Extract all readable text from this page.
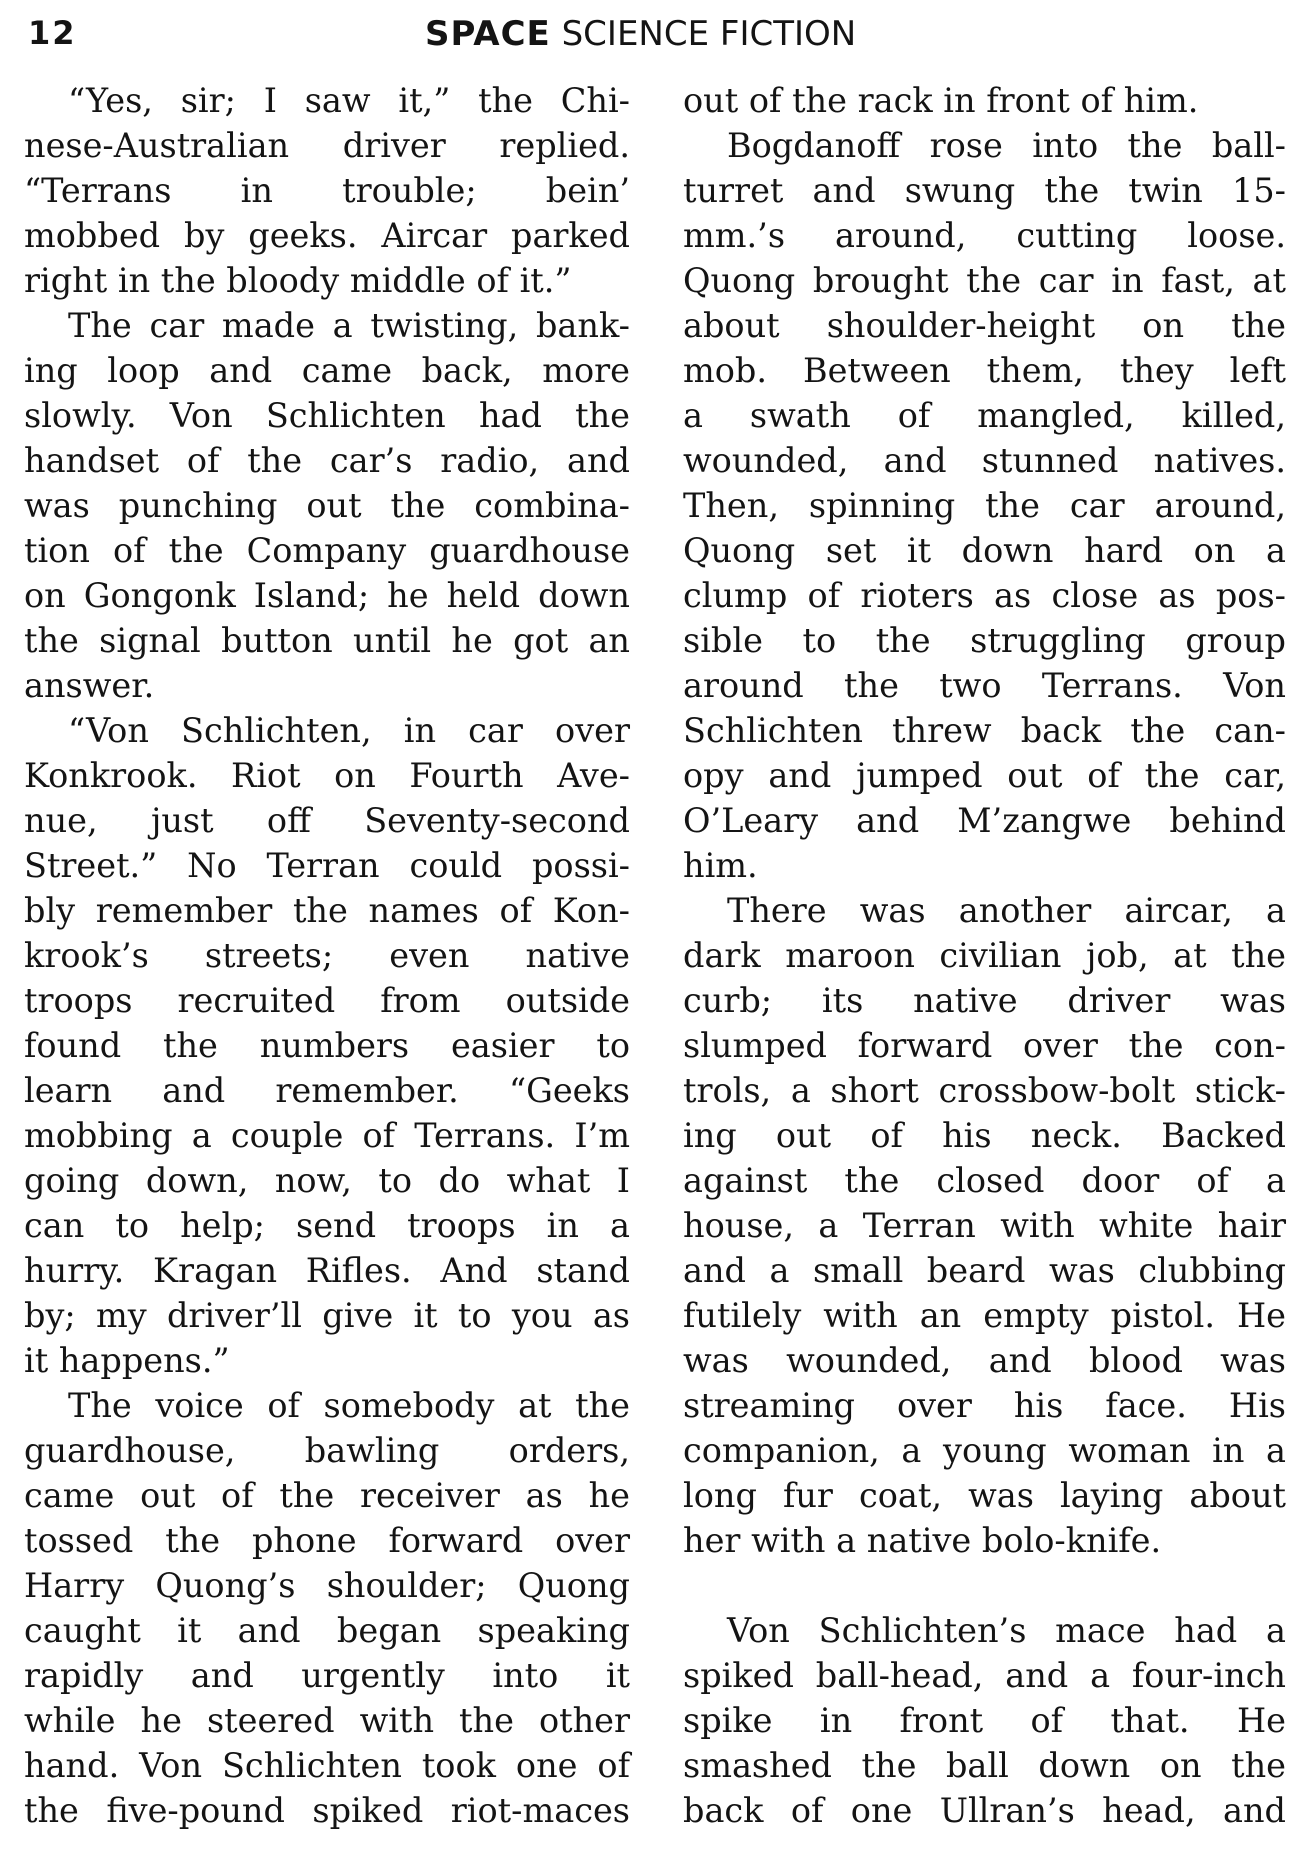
12	SPACE SCIENCE FICTION
“Yes, sir; I saw it,” the Chi-
nese-Australian driver replied.
“Terrans in trouble; bein’
mobbed by geeks. Aircar parked
right in the bloody middle of it.”
The car made a twisting, bank-
ing loop and came back, more
slowly. Von Schlichten had the
handset of the car’s radio, and
was punching out the combina-
tion of the Company guardhouse
on Gongonk Island; he held down
the signal button until he got an
answer.
“Von Schlichten, in car over
Konkrook. Riot on Fourth Ave-
nue, just off Seventy-second
Street.” No Terran could possi-
bly remember the names of Kon-
krook’s streets; even native
troops recruited from outside
found the numbers easier to
learn and remember. “Geeks
mobbing a couple of Terrans. I’m
going down, now, to do what I
can to help; send troops in a
hurry. Kragan Rifles. And stand
by; my driver’ll give it to you as
it happens.”
The voice of somebody at the
guardhouse, bawling orders,
came out of the receiver as he
tossed the phone forward over
Harry Quong’s shoulder; Quong
caught it and began speaking
rapidly and urgently into it
while he steered with the other
hand. Von Schlichten took one of
the five-pound spiked riot-maces
out of the rack in front of him.
Bogdanoff rose into the ball-
turret and swung the twin 15-
mm.’s around, cutting loose.
Quong brought the car in fast, at
about shoulder-height on the
mob. Between them, they left
a swath of mangled, killed,
wounded, and stunned natives.
Then, spinning the car around,
Quong set it down hard on a
clump of rioters as close as pos-
sible to the struggling group
around the two Terrans. Von
Schlichten threw back the can-
opy and jumped out of the car,
O’Leary and M’zangwe behind
him.
There was another aircar, a
dark maroon civilian job, at the
curb; its native driver was
slumped forward over the con-
trols, a short crossbow-bolt stick-
ing out of his neck. Backed
against the closed door of a
house, a Terran with white hair
and a small beard was clubbing
futilely with an empty pistol. He
was wounded, and blood was
streaming over his face. His
companion, a young woman in a
long fur coat, was laying about
her with a native bolo-knife.
Von Schlichten’s mace had a
spiked ball-head, and a four-inch
spike in front of that. He
smashed the ball down on the
back of one Ullran’s head, and
